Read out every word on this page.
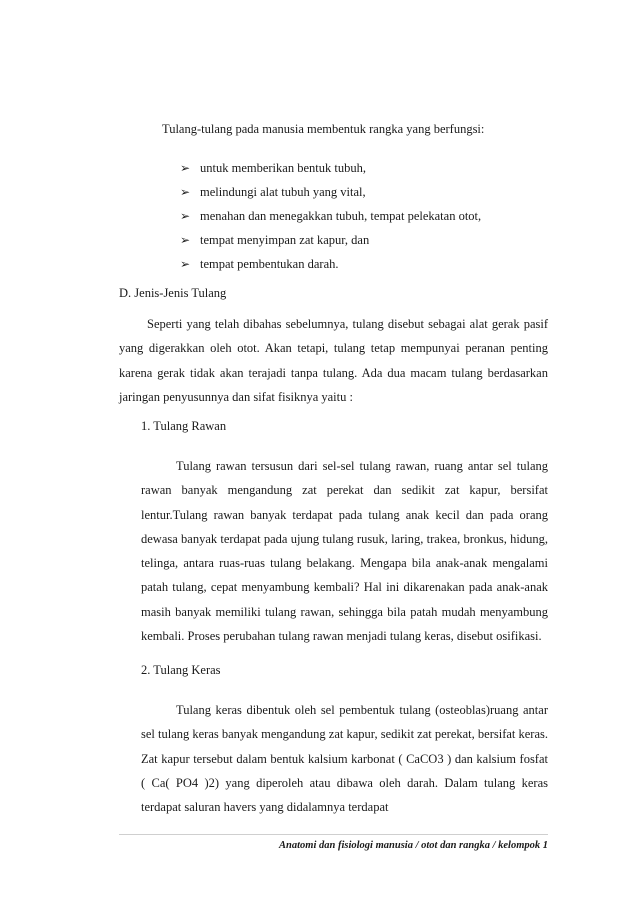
Tulang-tulang pada manusia membentuk rangka yang berfungsi:
➢ untuk memberikan bentuk tubuh,
➢ melindungi alat tubuh yang vital,
➢ menahan dan menegakkan tubuh, tempat pelekatan otot,
➢ tempat menyimpan zat kapur, dan
➢ tempat pembentukan darah.
D. Jenis-Jenis Tulang

Seperti yang telah dibahas sebelumnya, tulang disebut sebagai alat gerak pasif yang digerakkan oleh otot. Akan tetapi, tulang tetap mempunyai peranan penting karena gerak tidak akan terajadi tanpa tulang. Ada dua macam tulang berdasarkan jaringan penyusunnya dan sifat fisiknya yaitu :

1. Tulang Rawan

Tulang rawan tersusun dari sel-sel tulang rawan, ruang antar sel tulang rawan banyak mengandung zat perekat dan sedikit zat kapur, bersifat lentur.Tulang rawan banyak terdapat pada tulang anak kecil dan pada orang dewasa banyak terdapat pada ujung tulang rusuk, laring, trakea, bronkus, hidung, telinga, antara ruas-ruas tulang belakang. Mengapa bila anak-anak mengalami patah tulang, cepat menyambung kembali? Hal ini dikarenakan pada anak-anak masih banyak memiliki tulang rawan, sehingga bila patah mudah menyambung kembali. Proses perubahan tulang rawan menjadi tulang keras, disebut osifikasi.

2. Tulang Keras

Tulang keras dibentuk oleh sel pembentuk tulang (osteoblas)ruang antar sel tulang keras banyak mengandung zat kapur, sedikit zat perekat, bersifat keras. Zat kapur tersebut dalam bentuk kalsium karbonat ( CaCO3 ) dan kalsium fosfat ( Ca( PO4 )2) yang diperoleh atau dibawa oleh darah. Dalam tulang keras terdapat saluran havers yang didalamnya terdapat

Anatomi dan fisiologi manusia / otot dan rangka / kelompok 1
